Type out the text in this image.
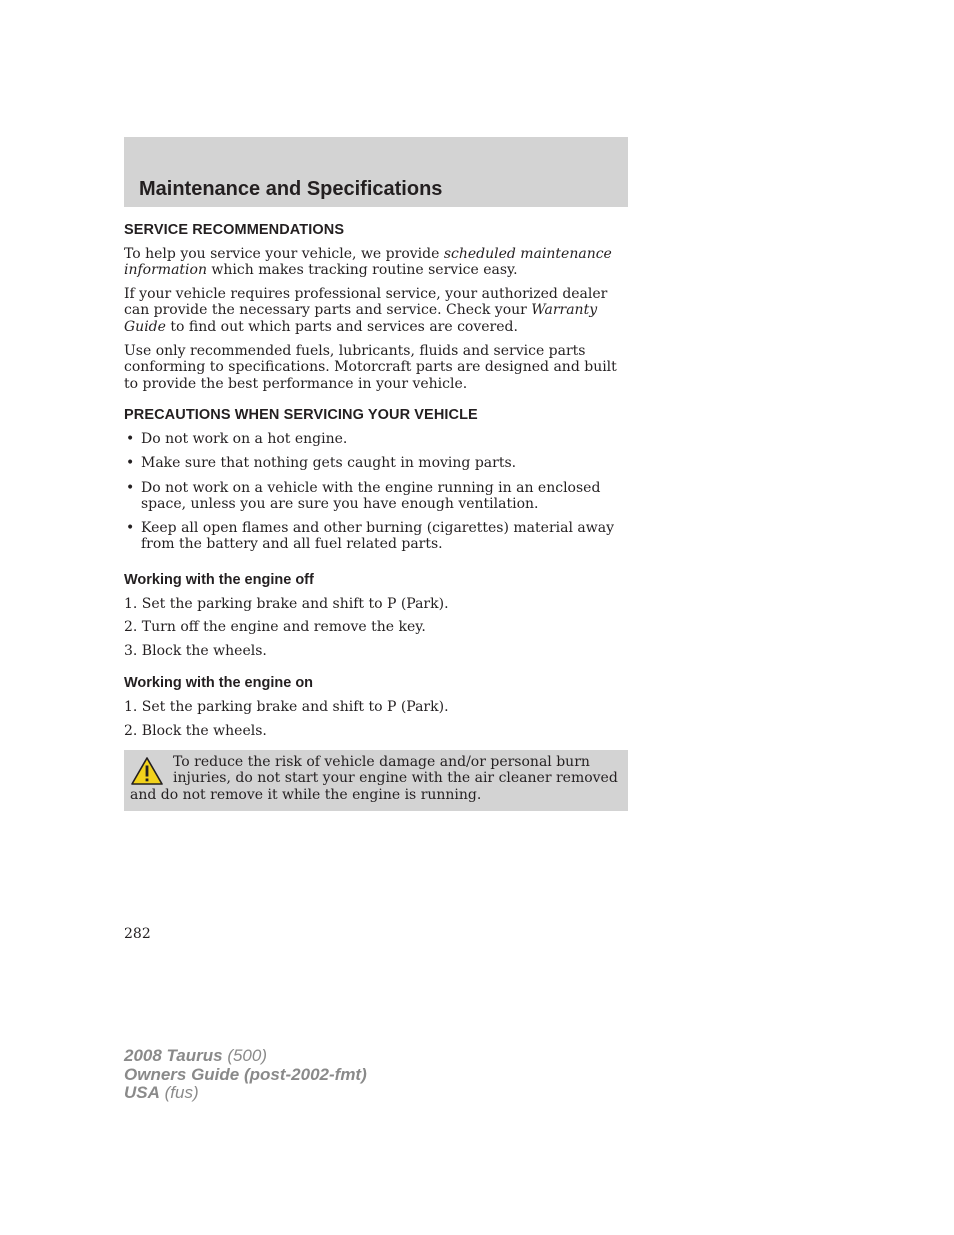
Maintenance and Specifications
SERVICE RECOMMENDATIONS

To help you service your vehicle, we provide scheduled maintenance information which makes tracking routine service easy.

If your vehicle requires professional service, your authorized dealer can provide the necessary parts and service. Check your Warranty Guide to find out which parts and services are covered.

Use only recommended fuels, lubricants, fluids and service parts conforming to specifications. Motorcraft parts are designed and built to provide the best performance in your vehicle.

PRECAUTIONS WHEN SERVICING YOUR VEHICLE
• Do not work on a hot engine.
• Make sure that nothing gets caught in moving parts.
• Do not work on a vehicle with the engine running in an enclosed space, unless you are sure you have enough ventilation.
• Keep all open flames and other burning (cigarettes) material away from the battery and all fuel related parts.
Working with the engine off

1. Set the parking brake and shift to P (Park).

2. Turn off the engine and remove the key.

3. Block the wheels.

Working with the engine on

1. Set the parking brake and shift to P (Park).

2. Block the wheels.

To reduce the risk of vehicle damage and/or personal burn injuries, do not start your engine with the air cleaner removed and do not remove it while the engine is running.

282
2008 Taurus (500)
Owners Guide (post-2002-fmt)
USA (fus)
